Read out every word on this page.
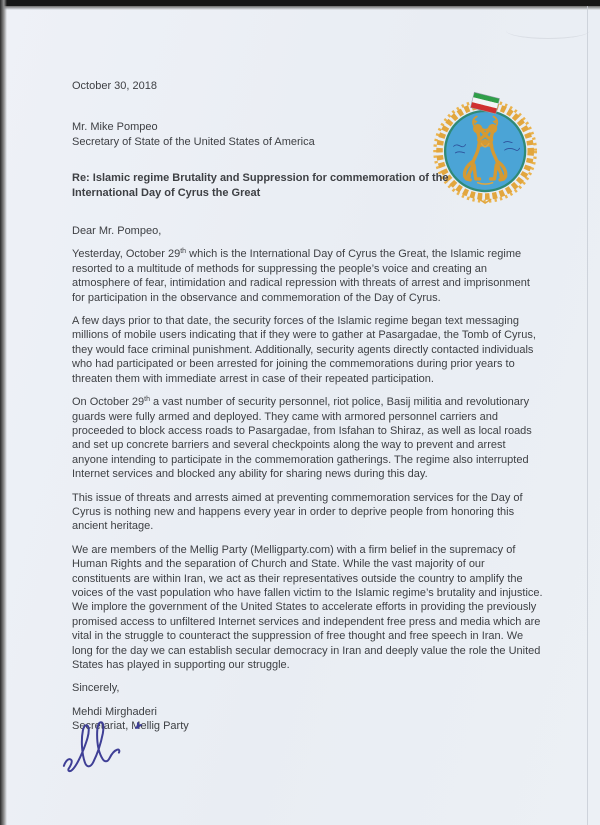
October 30, 2018

Mr. Mike Pompeo

Secretary of State of the United States of America

Re: Islamic regime Brutality and Suppression for commemoration of the International Day of Cyrus the Great

Dear Mr. Pompeo,

Yesterday, October 29th which is the International Day of Cyrus the Great, the Islamic regime resorted to a multitude of methods for suppressing the people’s voice and creating an atmosphere of fear, intimidation and radical repression with threats of arrest and imprisonment for participation in the observance and commemoration of the Day of Cyrus.

A few days prior to that date, the security forces of the Islamic regime began text messaging millions of mobile users indicating that if they were to gather at Pasargadae, the Tomb of Cyrus, they would face criminal punishment. Additionally, security agents directly contacted individuals who had participated or been arrested for joining the commemorations during prior years to threaten them with immediate arrest in case of their repeated participation.

On October 29th a vast number of security personnel, riot police, Basij militia and revolutionary guards were fully armed and deployed. They came with armored personnel carriers and proceeded to block access roads to Pasargadae, from Isfahan to Shiraz, as well as local roads and set up concrete barriers and several checkpoints along the way to prevent and arrest anyone intending to participate in the commemoration gatherings. The regime also interrupted Internet services and blocked any ability for sharing news during this day.

This issue of threats and arrests aimed at preventing commemoration services for the Day of Cyrus is nothing new and happens every year in order to deprive people from honoring this ancient heritage.

We are members of the Mellig Party (Melligparty.com) with a firm belief in the supremacy of Human Rights and the separation of Church and State. While the vast majority of our constituents are within Iran, we act as their representatives outside the country to amplify the voices of the vast population who have fallen victim to the Islamic regime’s brutality and injustice. We implore the government of the United States to accelerate efforts in providing the previously promised access to unfiltered Internet services and independent free press and media which are vital in the struggle to counteract the suppression of free thought and free speech in Iran. We long for the day we can establish secular democracy in Iran and deeply value the role the United States has played in supporting our struggle.

Sincerely,

Mehdi Mirghaderi

Secretariat, Mellig Party
